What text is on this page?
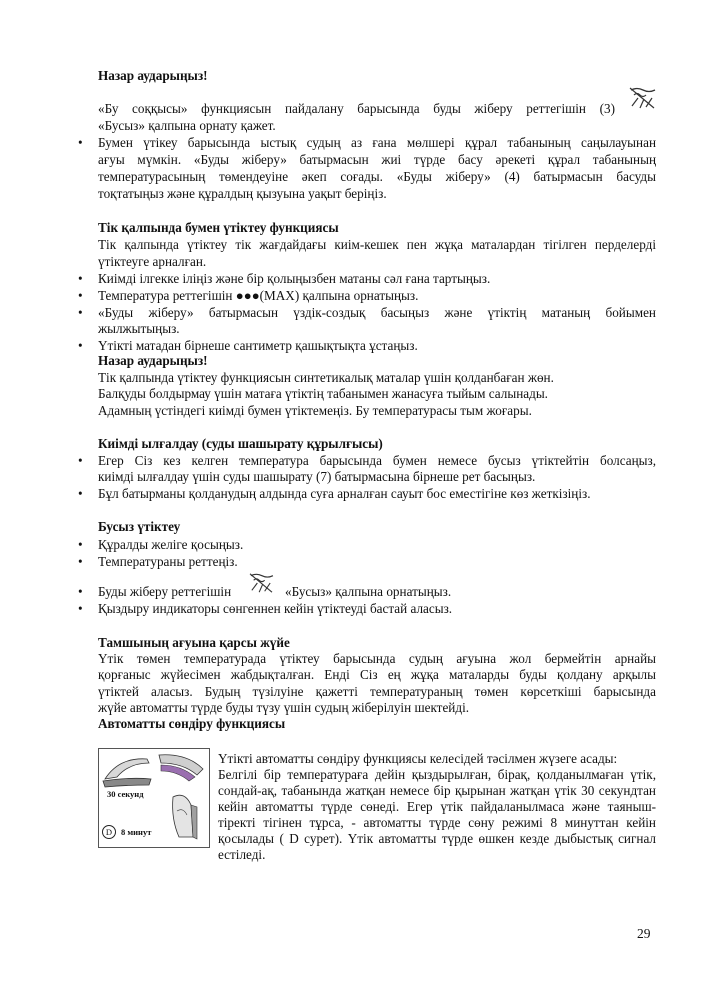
Назар аударыңыз!
«Бу соққысы» функциясын пайдалану барысында буды жіберу реттегішін (3)
«Бусыз» қалпына орнату қажет.
•	Бумен үтікеу барысында ыстық судың аз ғана мөлшері құрал табанының саңылауынан
ағуы мүмкін. «Буды жіберу» батырмасын жиі түрде басу әрекеті құрал табанының
температурасының төмендеуіне әкеп соғады. «Буды жіберу» (4) батырмасын басуды
тоқтатыңыз және құралдың қызуына уақыт беріңіз.
Тік қалпында бумен үтіктеу функциясы
Тік қалпында үтіктеу тік жағдайдағы киім-кешек пен жұқа маталардан тігілген перделерді
үтіктеуге арналған.
•	Киімді ілгекке іліңіз және бір қолыңызбен матаны сәл ғана тартыңыз.
•	Температура реттегішін ●●●(MAX) қалпына орнатыңыз.
•	«Буды жіберу» батырмасын үздік-создық басыңыз және үтіктің матаның бойымен
жылжытыңыз.
•	Үтікті матадан бірнеше сантиметр қашықтықта ұстаңыз.
Назар аударыңыз!
Тік қалпында үтіктеу функциясын синтетикалық маталар үшін қолданбаған жөн.
Балқуды болдырмау үшін матаға үтіктің табанымен жанасуға тыйым салынады.
Адамның үстіндегі киімді бумен үтіктемеңіз. Бу температурасы тым жоғары.
Киімді ылғалдау (суды шашырату құрылғысы)
•	Егер Сіз кез келген температура барысында бумен немесе бусыз үтіктейтін болсаңыз,
киімді ылғалдау үшін суды шашырату (7) батырмасына бірнеше рет басыңыз.
•	Бұл батырманы қолданудың алдында суға арналған сауыт бос еместігіне көз жеткізіңіз.
Бусыз үтіктеу
•	Құралды желіге қосыңыз.
•	Температураны реттеңіз.
•	Буды жіберу реттегішін	«Бусыз» қалпына орнатыңыз.
•	Қыздыру индикаторы сөнгеннен кейін үтіктеуді бастай аласыз.
Тамшының ағуына қарсы жүйе
Үтік төмен температурада үтіктеу барысында судың ағуына жол бермейтін арнайы
қорғаныс жүйесімен жабдықталған. Енді Сіз ең жұқа маталарды буды қолдану арқылы
үтіктей аласыз. Будың түзілуіне қажетті температураның төмен көрсеткіші барысында
жүйе автоматты түрде буды түзу үшін судың жіберілуін шектейді.
Автоматты сөндіру функциясы
30 секунд
D	8 минут
Үтікті автоматты сөндіру функциясы келесідей тәсілмен жүзеге асады:
Белгілі бір температураға дейін қыздырылған, бірақ, қолданылмаған үтік,
сондай-ақ, табанында жатқан немесе бір қырынан жатқан үтік 30 секундтан
кейін автоматты түрде сөнеді. Егер үтік пайдаланылмаса және таяныш-
тіректі тігінен тұрса, - автоматты түрде сөну режимі 8 минуттан кейін
қосылады ( D сурет). Үтік автоматты түрде өшкен кезде дыбыстық сигнал
естіледі.
29
